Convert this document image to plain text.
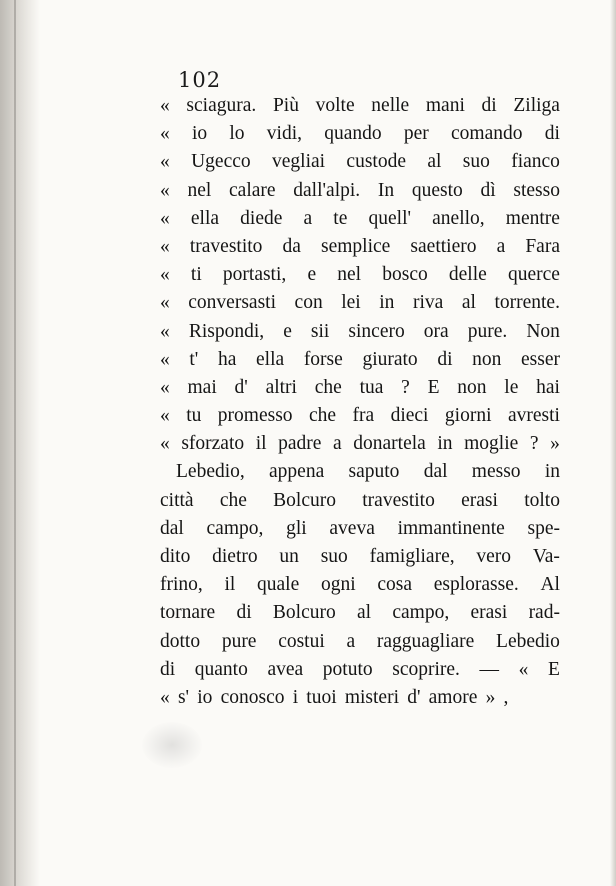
102

« sciagura. Più volte nelle mani di Ziliga
« io lo vidi, quando per comando di
« Ugecco vegliai custode al suo fianco
« nel calare dall'alpi. In questo dì stesso
« ella diede a te quell' anello, mentre
« travestito da semplice saettiero a Fara
« ti portasti, e nel bosco delle querce
« conversasti con lei in riva al torrente.
« Rispondi, e sii sincero ora pure. Non
« t' ha ella forse giurato di non esser
« mai d' altri che tua ? E non le hai
« tu promesso che fra dieci giorni avresti
« sforzato il padre a donartela in moglie ? »
Lebedio, appena saputo dal messo in
città che Bolcuro travestito erasi tolto
dal campo, gli aveva immantinente spe-
dito dietro un suo famigliare, vero Va-
frino, il quale ogni cosa esplorasse. Al
tornare di Bolcuro al campo, erasi rad-
dotto pure costui a ragguagliare Lebedio
di quanto avea potuto scoprire. — « E
« s' io conosco i tuoi misteri d' amore » ,
